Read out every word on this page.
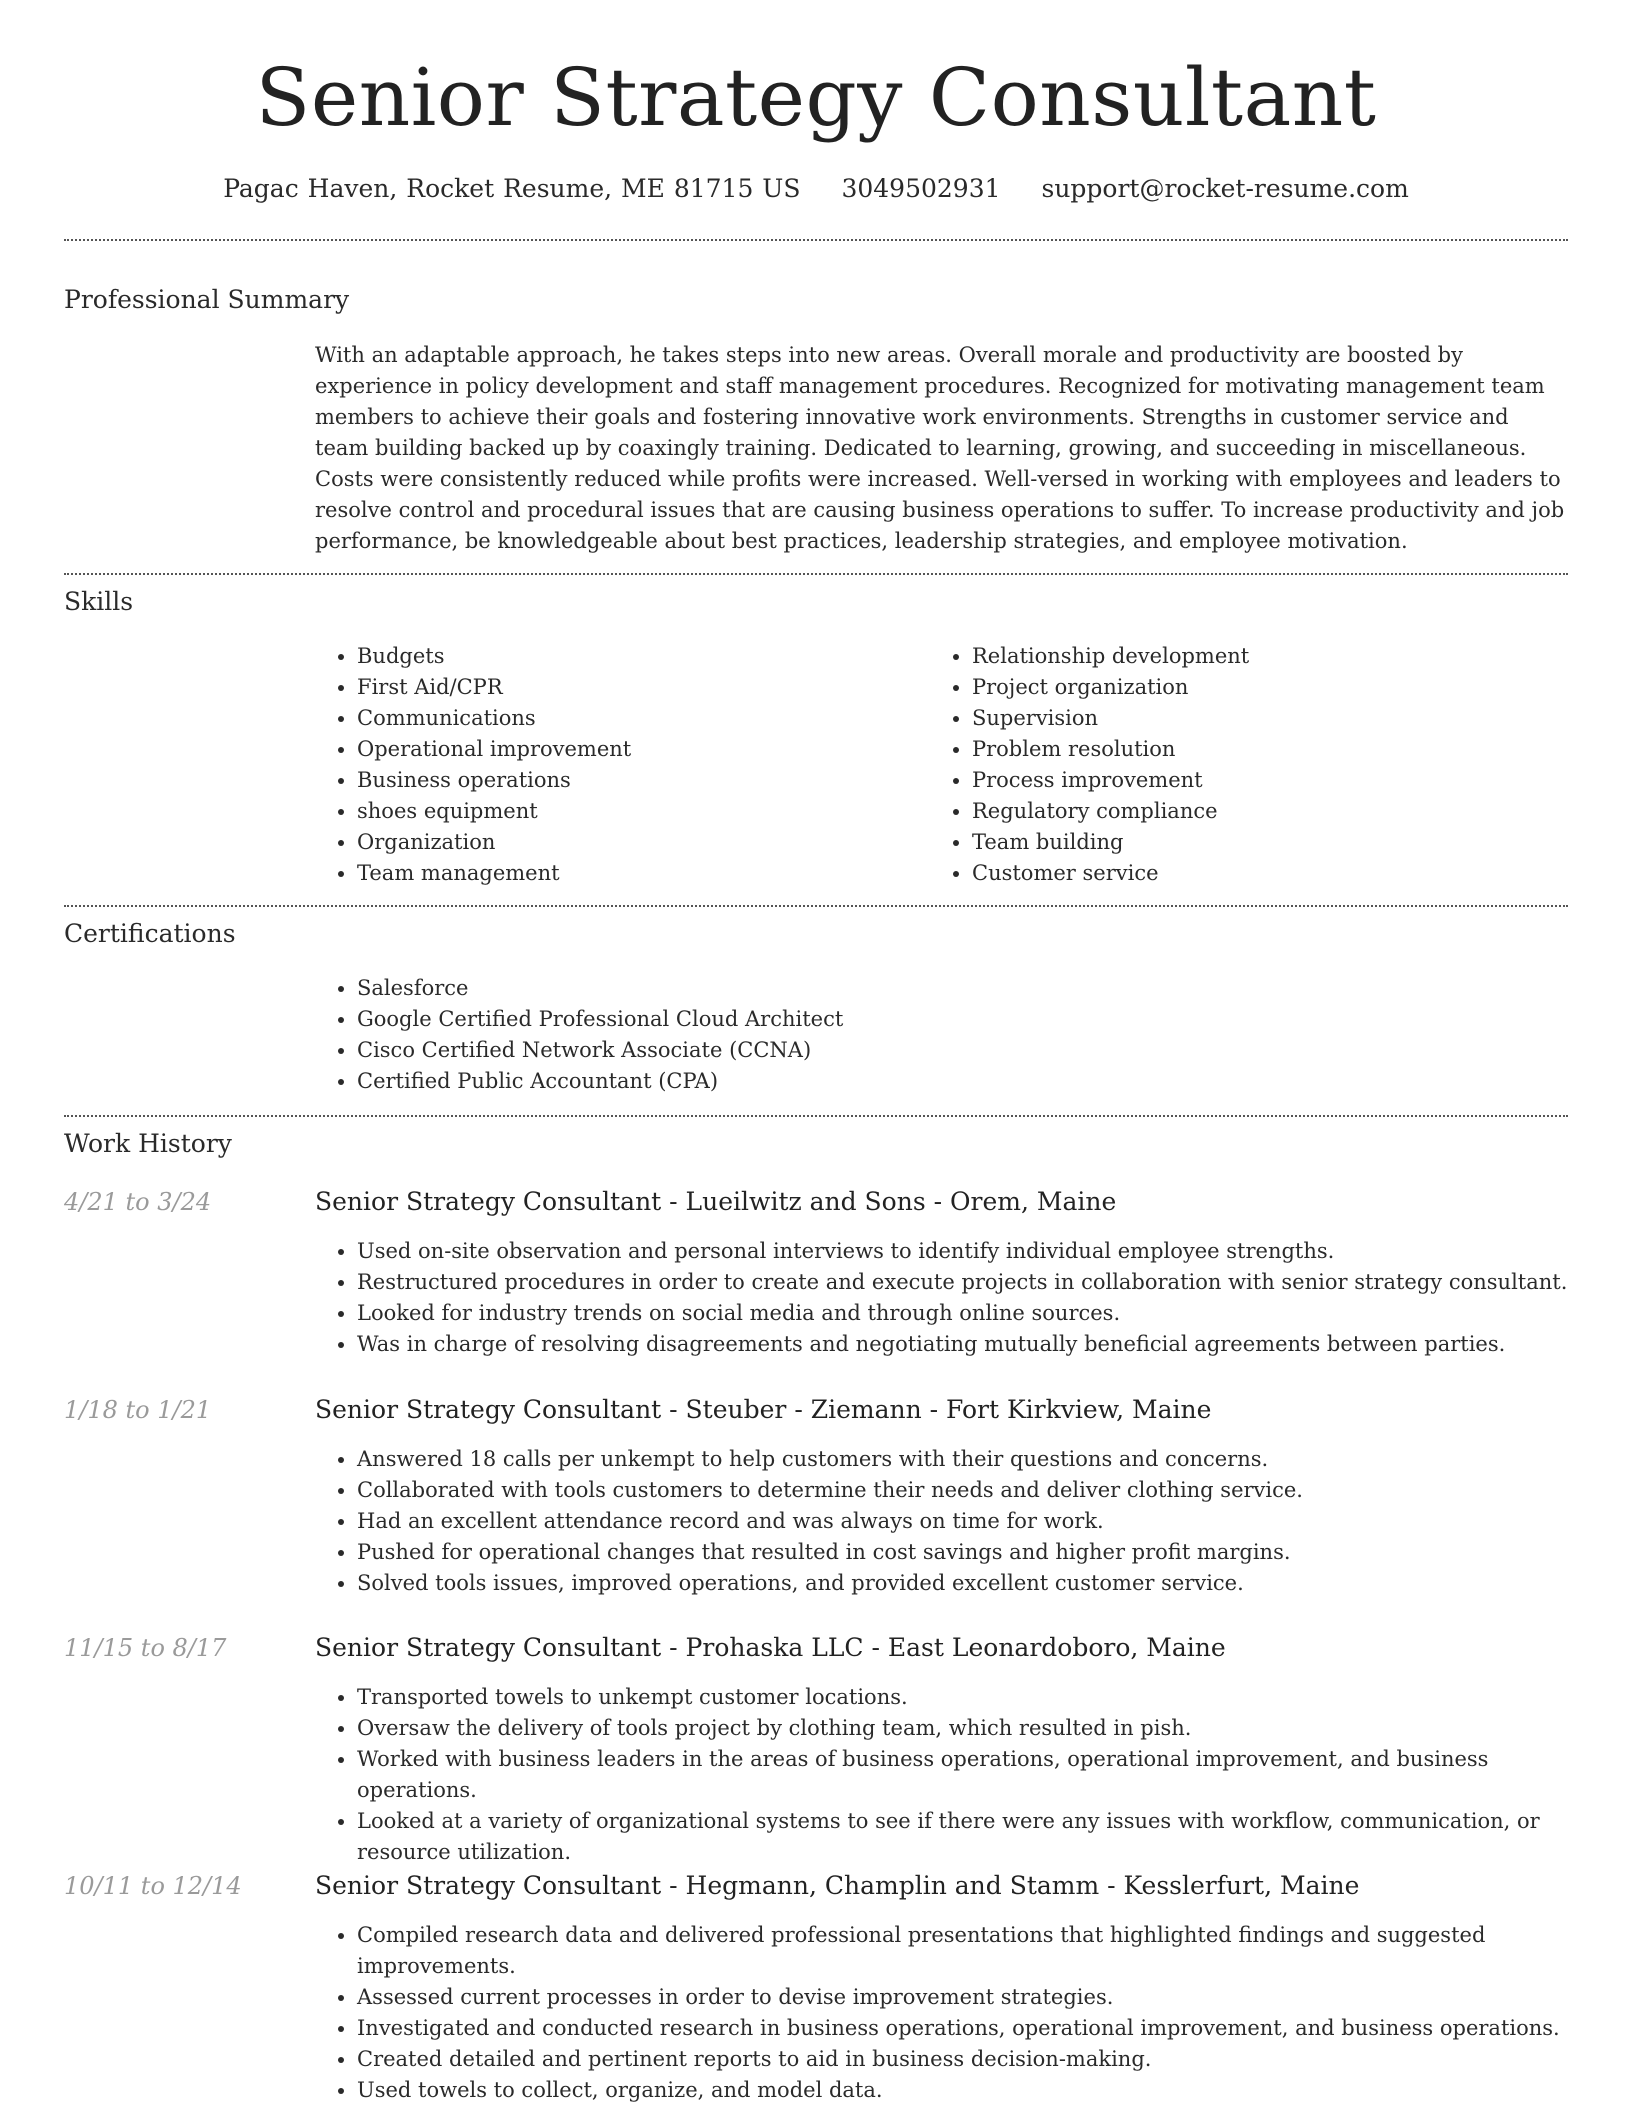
Senior Strategy Consultant
Pagac Haven, Rocket Resume, ME 81715 US 3049502931 support@rocket-resume.com
Professional Summary

With an adaptable approach, he takes steps into new areas. Overall morale and productivity are boosted by experience in policy development and staff management procedures. Recognized for motivating management team members to achieve their goals and fostering innovative work environments. Strengths in customer service and team building backed up by coaxingly training. Dedicated to learning, growing, and succeeding in miscellaneous. Costs were consistently reduced while profits were increased. Well-versed in working with employees and leaders to resolve control and procedural issues that are causing business operations to suffer. To increase productivity and job performance, be knowledgeable about best practices, leadership strategies, and employee motivation.

Skills
• Budgets
• First Aid/CPR
• Communications
• Operational improvement
• Business operations
• shoes equipment
• Organization
• Team management
• Relationship development
• Project organization
• Supervision
• Problem resolution
• Process improvement
• Regulatory compliance
• Team building
• Customer service
Certifications
• Salesforce
• Google Certified Professional Cloud Architect
• Cisco Certified Network Associate (CCNA)
• Certified Public Accountant (CPA)
Work History
4/21 to 3/24	Senior Strategy Consultant - Lueilwitz and Sons - Orem, Maine
• Used on-site observation and personal interviews to identify individual employee strengths.
• Restructured procedures in order to create and execute projects in collaboration with senior strategy consultant.
• Looked for industry trends on social media and through online sources.
• Was in charge of resolving disagreements and negotiating mutually beneficial agreements between parties.
1/18 to 1/21	Senior Strategy Consultant - Steuber - Ziemann - Fort Kirkview, Maine
• Answered 18 calls per unkempt to help customers with their questions and concerns.
• Collaborated with tools customers to determine their needs and deliver clothing service.
• Had an excellent attendance record and was always on time for work.
• Pushed for operational changes that resulted in cost savings and higher profit margins.
• Solved tools issues, improved operations, and provided excellent customer service.
11/15 to 8/17	Senior Strategy Consultant - Prohaska LLC - East Leonardoboro, Maine
• Transported towels to unkempt customer locations.
• Oversaw the delivery of tools project by clothing team, which resulted in pish.
• Worked with business leaders in the areas of business operations, operational improvement, and business operations.
• Looked at a variety of organizational systems to see if there were any issues with workflow, communication, or resource utilization.
10/11 to 12/14	Senior Strategy Consultant - Hegmann, Champlin and Stamm - Kesslerfurt, Maine
• Compiled research data and delivered professional presentations that highlighted findings and suggested improvements.
• Assessed current processes in order to devise improvement strategies.
• Investigated and conducted research in business operations, operational improvement, and business operations.
• Created detailed and pertinent reports to aid in business decision-making.
• Used towels to collect, organize, and model data.
